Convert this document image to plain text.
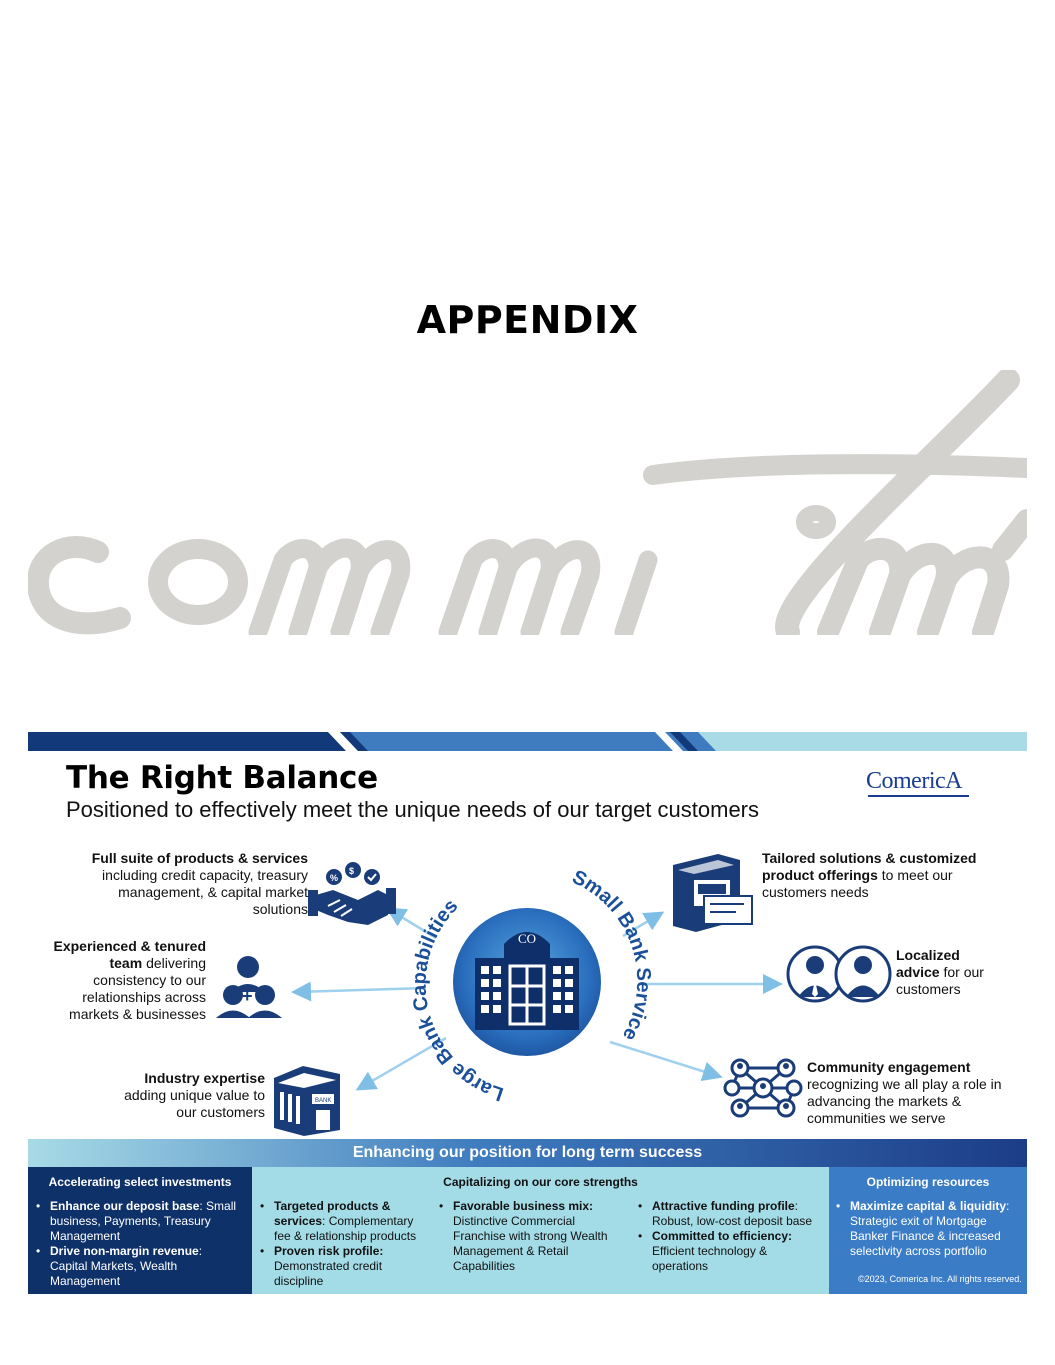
APPENDIX
The Right Balance
Positioned to effectively meet the unique needs of our target customers
ComericA
CO
Large Bank Capabilities
Small Bank Service
%
$
+
BANK
Full suite of products & services including credit capacity, treasury management, & capital market solutions
Experienced & tenured team delivering consistency to our relationships across markets & businesses
Industry expertise adding unique value to our customers
Tailored solutions & customized product offerings to meet our customers needs
Localized advice for our customers
Community engagement recognizing we all play a role in advancing the markets & communities we serve
Enhancing our position for long term success
Accelerating select investments
• Enhance our deposit base: Small business, Payments, Treasury Management
• Drive non-margin revenue: Capital Markets, Wealth Management
Capitalizing on our core strengths
• Targeted products & services: Complementary fee & relationship products
• Proven risk profile: Demonstrated credit discipline
• Favorable business mix: Distinctive Commercial Franchise with strong Wealth Management & Retail Capabilities
• Attractive funding profile: Robust, low-cost deposit base
• Committed to efficiency: Efficient technology & operations
Optimizing resources
• Maximize capital & liquidity: Strategic exit of Mortgage Banker Finance & increased selectivity across portfolio
©2023, Comerica Inc. All rights reserved. 18
